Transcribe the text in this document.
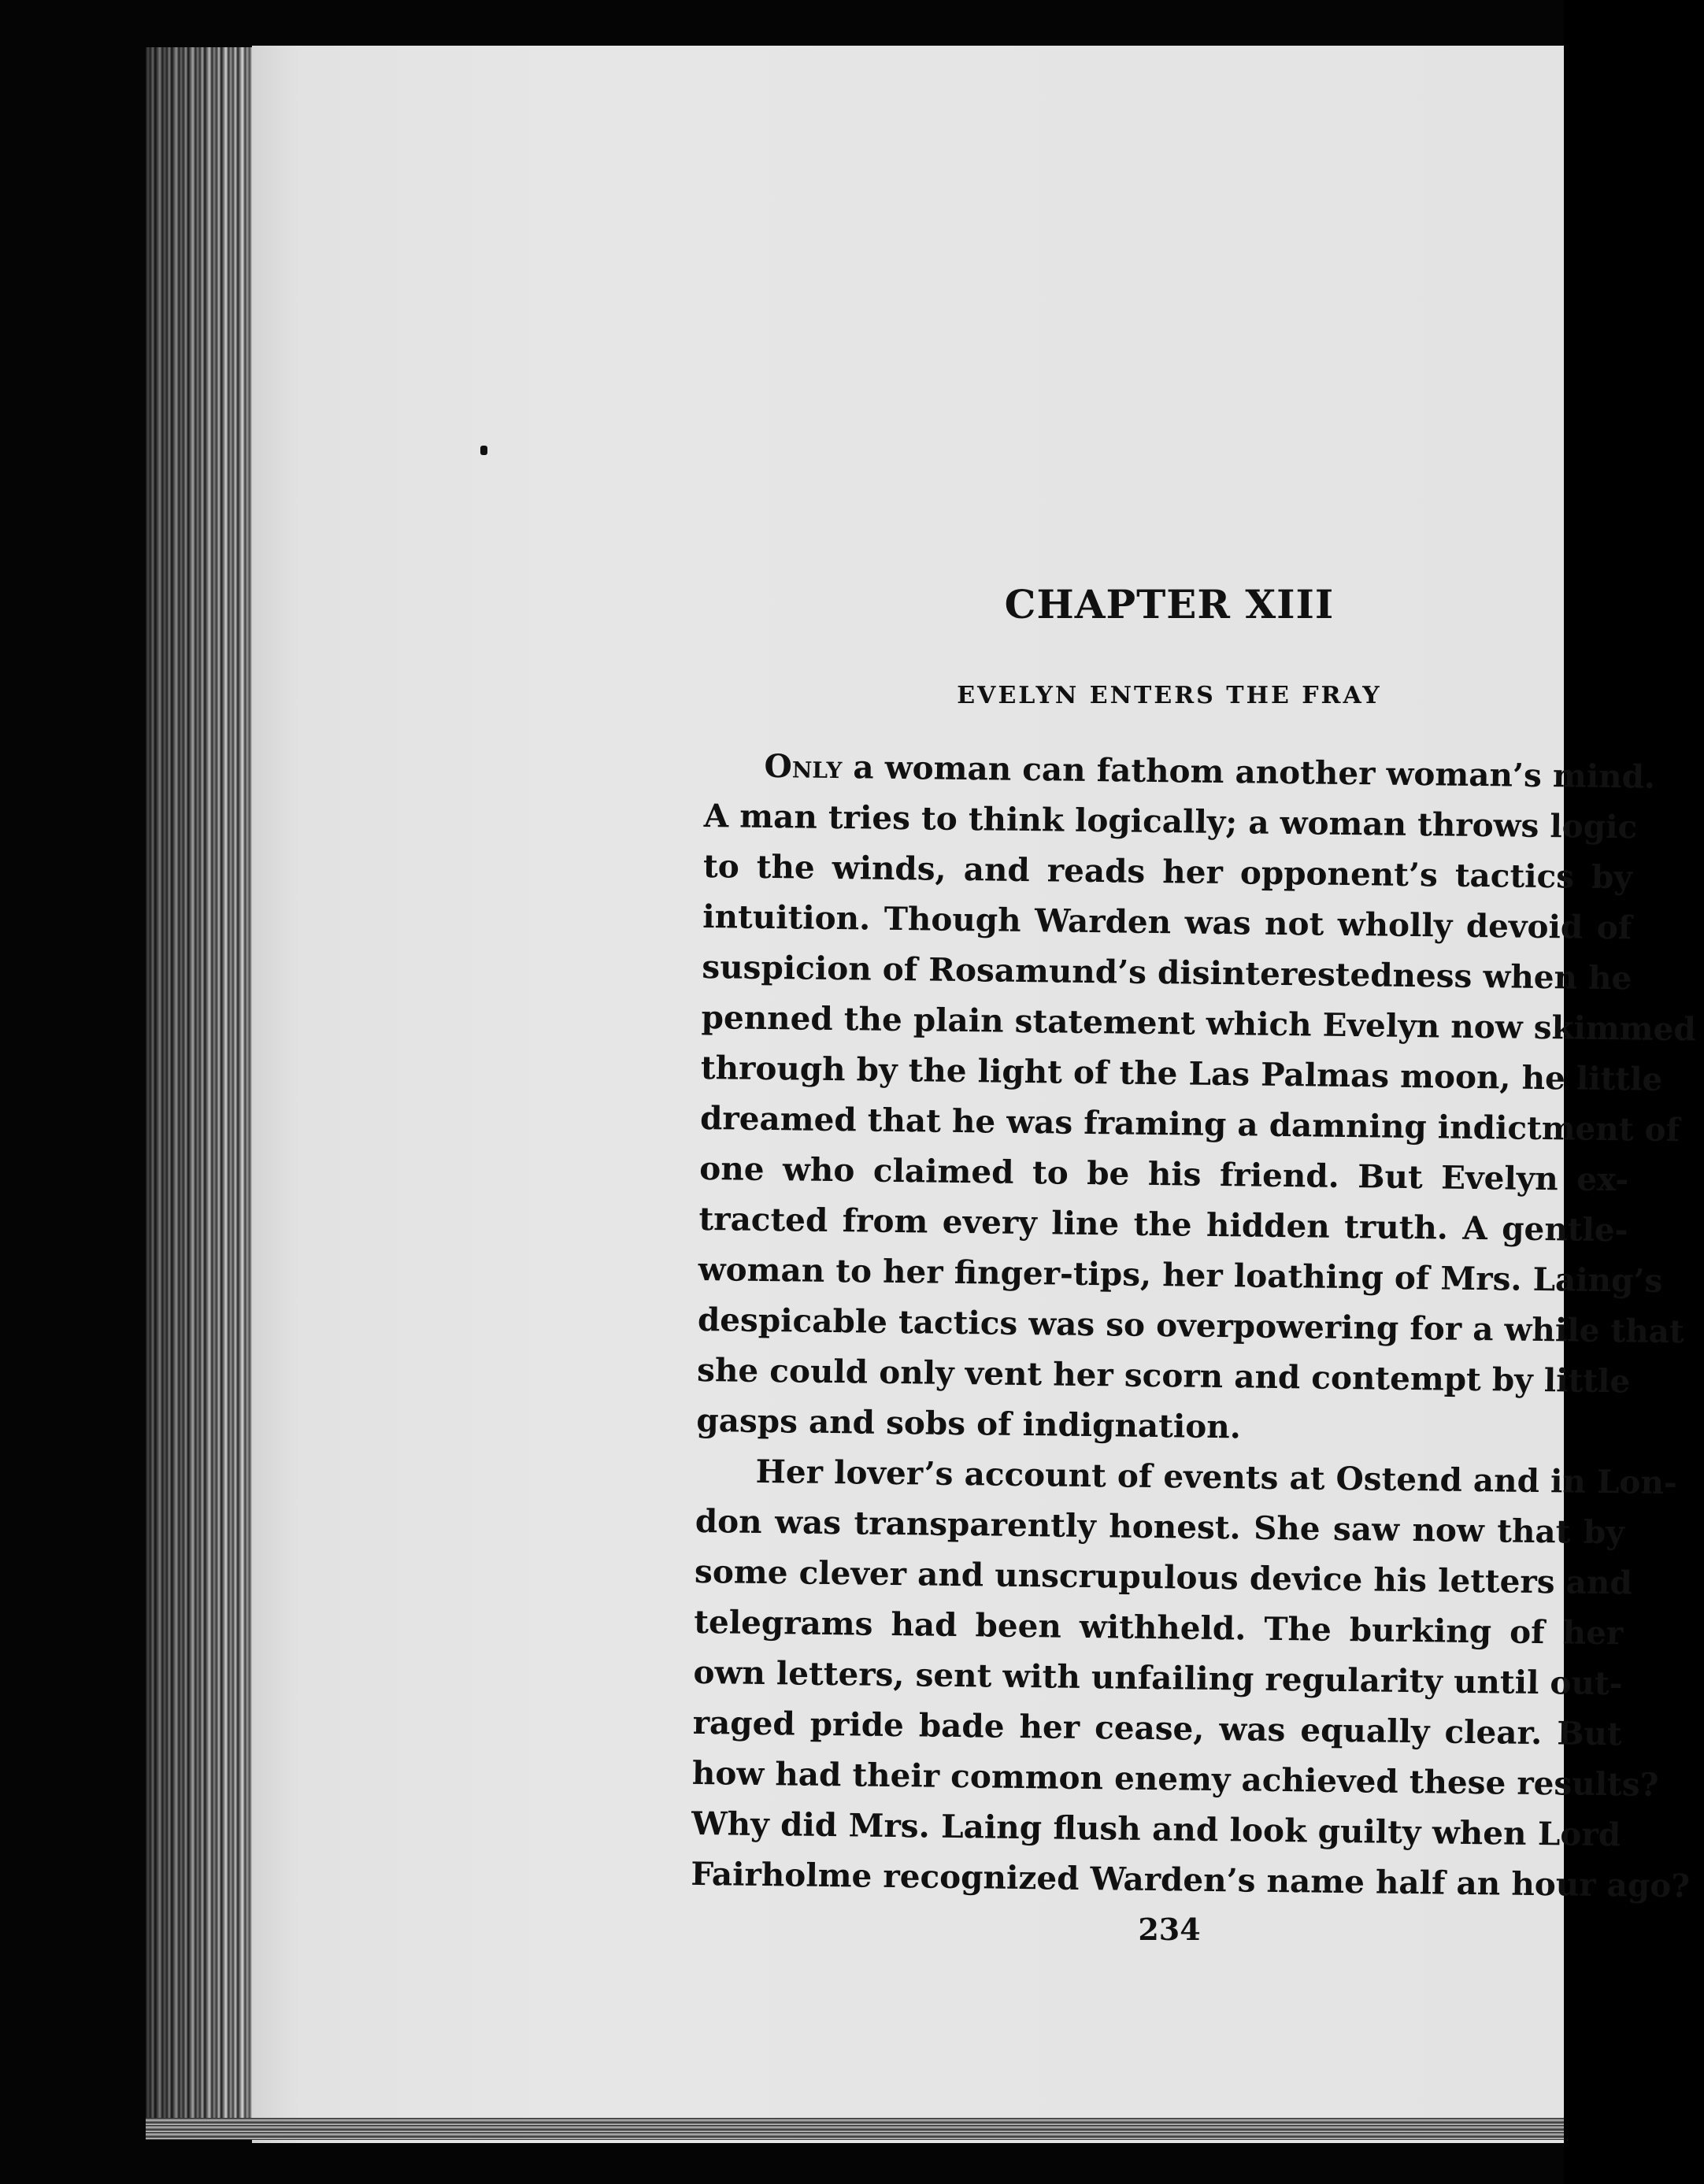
CHAPTER XIII
EVELYN ENTERS THE FRAY
Only a woman can fathom another woman’s mind.
A man tries to think logically; a woman throws logic
to the winds, and reads her opponent’s tactics by
intuition. Though Warden was not wholly devoid of
suspicion of Rosamund’s disinterestedness when he
penned the plain statement which Evelyn now skimmed
through by the light of the Las Palmas moon, he little
dreamed that he was framing a damning indictment of
one who claimed to be his friend. But Evelyn ex-
tracted from every line the hidden truth. A gentle-
woman to her finger-tips, her loathing of Mrs. Laing’s
despicable tactics was so overpowering for a while that
she could only vent her scorn and contempt by little
gasps and sobs of indignation.
Her lover’s account of events at Ostend and in Lon-
don was transparently honest. She saw now that by
some clever and unscrupulous device his letters and
telegrams had been withheld. The burking of her
own letters, sent with unfailing regularity until out-
raged pride bade her cease, was equally clear. But
how had their common enemy achieved these results?
Why did Mrs. Laing flush and look guilty when Lord
Fairholme recognized Warden’s name half an hour ago?
234
